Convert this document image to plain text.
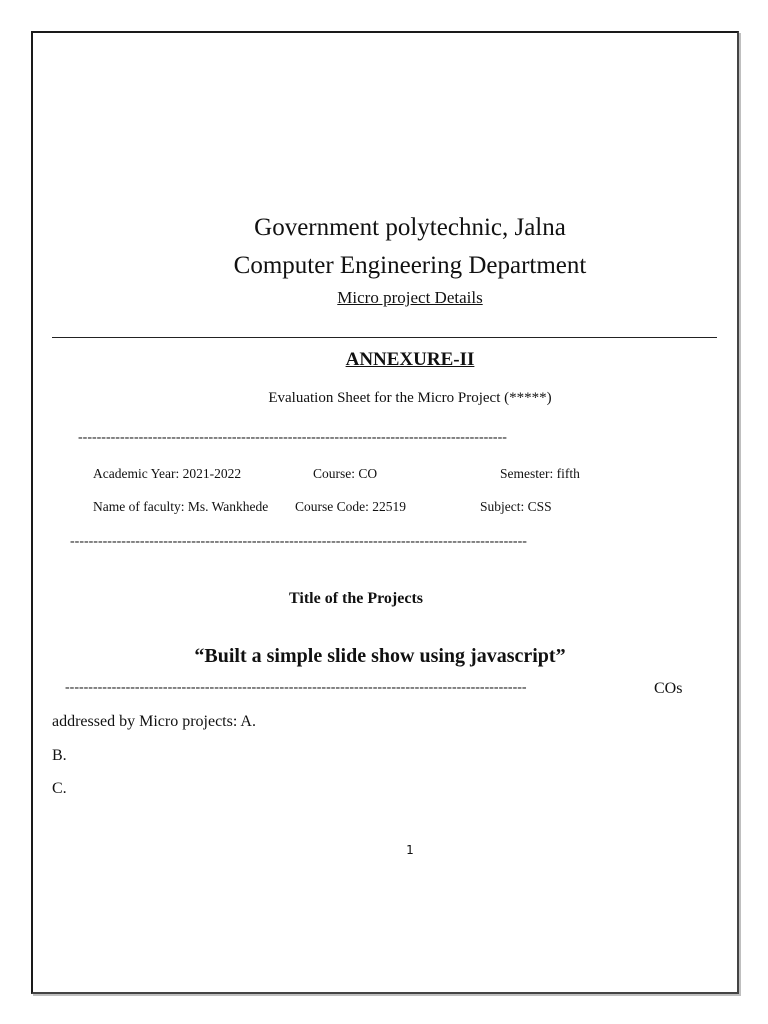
Government polytechnic, Jalna
Computer Engineering Department
Micro project Details
ANNEXURE-II
Evaluation Sheet for the Micro Project (*****)
--------------------------------------------------------------------------------------------
Academic Year: 2021-2022	Course: CO	Semester: fifth
Name of faculty: Ms. Wankhede Course Code: 22519	Subject: CSS
--------------------------------------------------------------------------------------------------
Title of the Projects
“Built a simple slide show using javascript”
---------------------------------------------------------------------------------------------------	COs
addressed by Micro projects: A.
B.
C.
1
